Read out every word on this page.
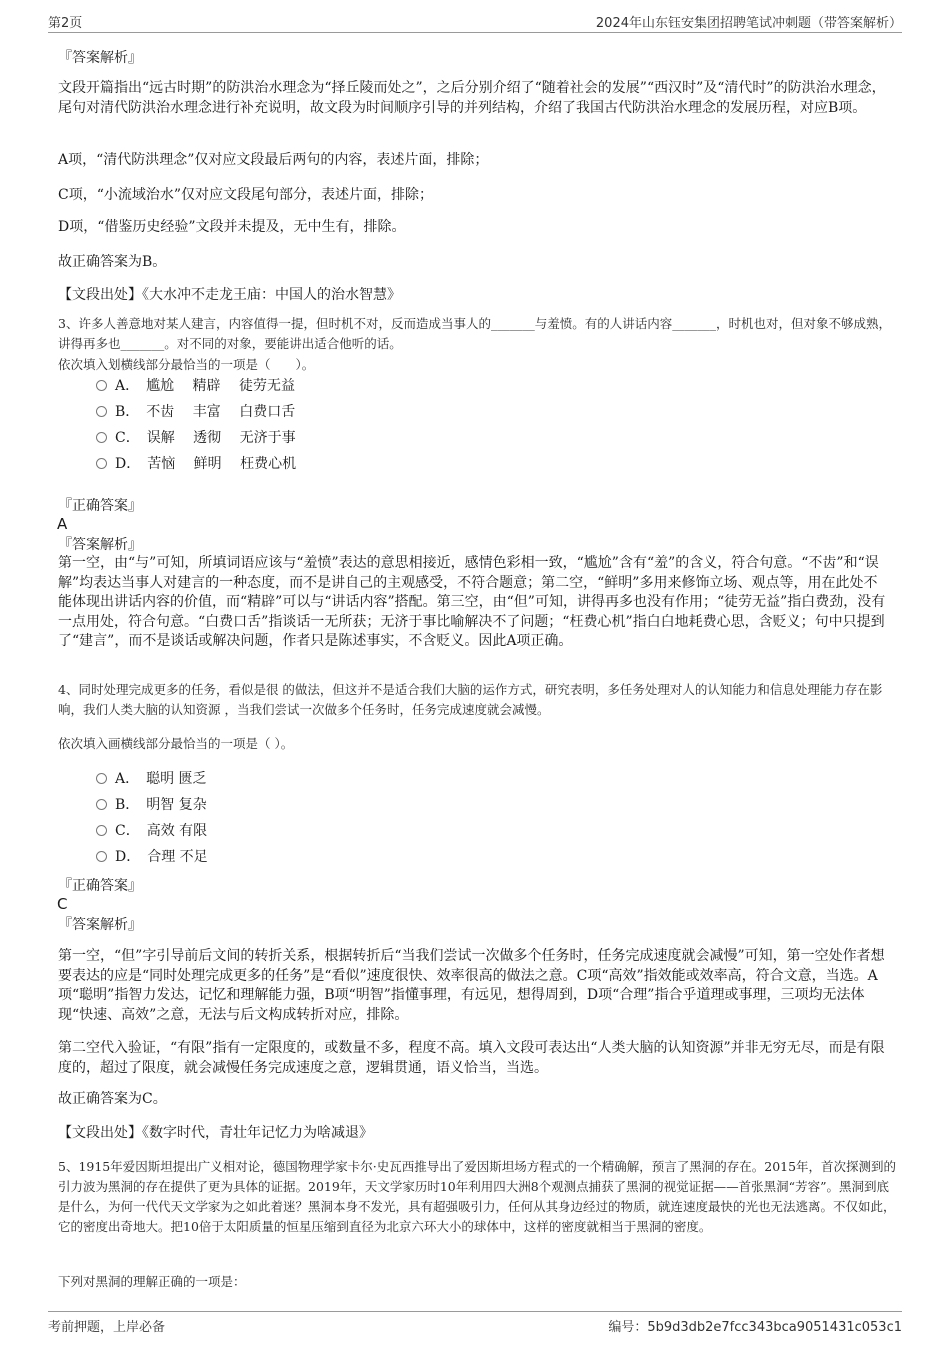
第2页	2024年山东钰安集团招聘笔试冲刺题（带答案解析）
『答案解析』

文段开篇指出“远古时期”的防洪治水理念为“择丘陵而处之”，之后分别介绍了“随着社会的发展”“西汉时”及“清代时”的防洪治水理念，尾句对清代防洪治水理念进行补充说明，故文段为时间顺序引导的并列结构，介绍了我国古代防洪治水理念的发展历程，对应B项。

A项，“清代防洪理念”仅对应文段最后两句的内容，表述片面，排除；

C项，“小流域治水”仅对应文段尾句部分，表述片面，排除；

D项，“借鉴历史经验”文段并未提及，无中生有，排除。

故正确答案为B。

【文段出处】《大水冲不走龙王庙：中国人的治水智慧》

3、许多人善意地对某人建言，内容值得一提，但时机不对，反而造成当事人的_______与羞愤。有的人讲话内容_______，时机也对，但对象不够成熟，讲得再多也_______。对不同的对象，要能讲出适合他听的话。

依次填入划横线部分最恰当的一项是（　　）。

A．　尴尬　 精辟　 徒劳无益
B．　不齿　 丰富　 白费口舌
C．　误解　 透彻　 无济于事
D．　苦恼　 鲜明　 枉费心机
『正确答案』
A
『答案解析』

第一空，由“与”可知，所填词语应该与“羞愤”表达的意思相接近，感情色彩相一致，“尴尬”含有“羞”的含义，符合句意。“不齿”和“误解”均表达当事人对建言的一种态度，而不是讲自己的主观感受，不符合题意；第二空，“鲜明”多用来修饰立场、观点等，用在此处不能体现出讲话内容的价值，而“精辟”可以与“讲话内容”搭配。第三空，由“但”可知，讲得再多也没有作用；“徒劳无益”指白费劲，没有一点用处，符合句意。“白费口舌”指谈话一无所获；无济于事比喻解决不了问题；“枉费心机”指白白地耗费心思，含贬义；句中只提到了“建言”，而不是谈话或解决问题，作者只是陈述事实，不含贬义。因此A项正确。

4、同时处理完成更多的任务，看似是很 的做法，但这并不是适合我们大脑的运作方式，研究表明，多任务处理对人的认知能力和信息处理能力存在影响，我们人类大脑的认知资源 ，当我们尝试一次做多个任务时，任务完成速度就会减慢。

依次填入画横线部分最恰当的一项是（ ）。

A．　聪明 匮乏
B．　明智 复杂
C．　高效 有限
D．　合理 不足
『正确答案』
C
『答案解析』

第一空，“但”字引导前后文间的转折关系，根据转折后“当我们尝试一次做多个任务时，任务完成速度就会减慢”可知，第一空处作者想要表达的应是“同时处理完成更多的任务”是“看似”速度很快、效率很高的做法之意。C项“高效”指效能或效率高，符合文意，当选。A项“聪明”指智力发达，记忆和理解能力强，B项“明智”指懂事理，有远见，想得周到，D项“合理”指合乎道理或事理，三项均无法体现“快速、高效”之意，无法与后文构成转折对应，排除。

第二空代入验证，“有限”指有一定限度的，或数量不多，程度不高。填入文段可表达出“人类大脑的认知资源”并非无穷无尽，而是有限度的，超过了限度，就会减慢任务完成速度之意，逻辑贯通，语义恰当，当选。

故正确答案为C。

【文段出处】《数字时代，青壮年记忆力为啥减退》

5、1915年爱因斯坦提出广义相对论，德国物理学家卡尔·史瓦西推导出了爱因斯坦场方程式的一个精确解，预言了黑洞的存在。2015年，首次探测到的引力波为黑洞的存在提供了更为具体的证据。2019年，天文学家历时10年利用四大洲8个观测点捕获了黑洞的视觉证据——首张黑洞“芳容”。黑洞到底是什么，为何一代代天文学家为之如此着迷？黑洞本身不发光，具有超强吸引力，任何从其身边经过的物质，就连速度最快的光也无法逃离。不仅如此，它的密度出奇地大。把10倍于太阳质量的恒星压缩到直径为北京六环大小的球体中，这样的密度就相当于黑洞的密度。

下列对黑洞的理解正确的一项是：

考前押题，上岸必备	编号：5b9d3db2e7fcc343bca9051431c053c1
